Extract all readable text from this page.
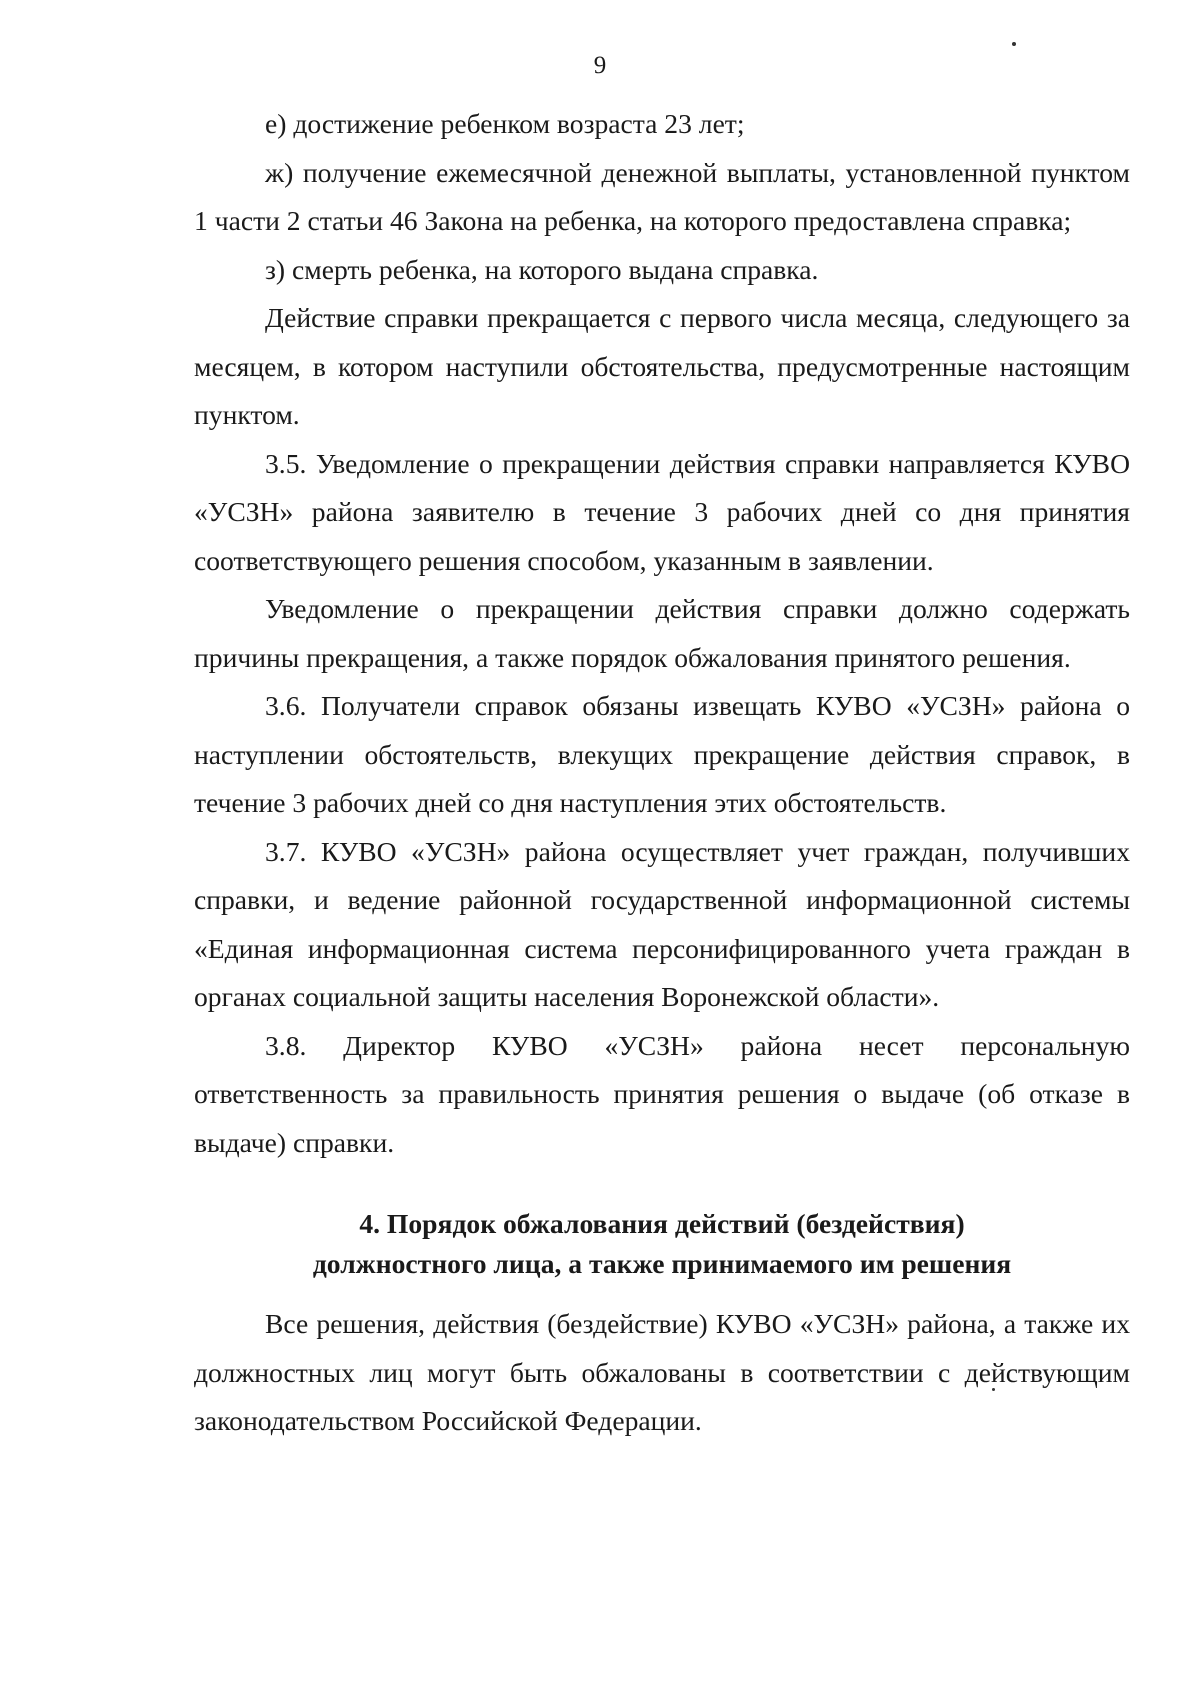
9

е) достижение ребенком возраста 23 лет;

ж) получение ежемесячной денежной выплаты, установленной пунктом 1 части 2 статьи 46 Закона на ребенка, на которого предоставлена справка;

з) смерть ребенка, на которого выдана справка.

Действие справки прекращается с первого числа месяца, следующего за месяцем, в котором наступили обстоятельства, предусмотренные настоящим пунктом.

3.5. Уведомление о прекращении действия справки направляется КУВО «УСЗН» района заявителю в течение 3 рабочих дней со дня принятия соответствующего решения способом, указанным в заявлении.

Уведомление о прекращении действия справки должно содержать причины прекращения, а также порядок обжалования принятого решения.

3.6. Получатели справок обязаны извещать КУВО «УСЗН» района о наступлении обстоятельств, влекущих прекращение действия справок, в течение 3 рабочих дней со дня наступления этих обстоятельств.

3.7. КУВО «УСЗН» района осуществляет учет граждан, получивших справки, и ведение районной государственной информационной системы «Единая информационная система персонифицированного учета граждан в органах социальной защиты населения Воронежской области».

3.8. Директор КУВО «УСЗН» района несет персональную ответственность за правильность принятия решения о выдаче (об отказе в выдаче) справки.

4. Порядок обжалования действий (бездействия)
должностного лица, а также принимаемого им решения

Все решения, действия (бездействие) КУВО «УСЗН» района, а также их должностных лиц могут быть обжалованы в соответствии с действующим законодательством Российской Федерации.
